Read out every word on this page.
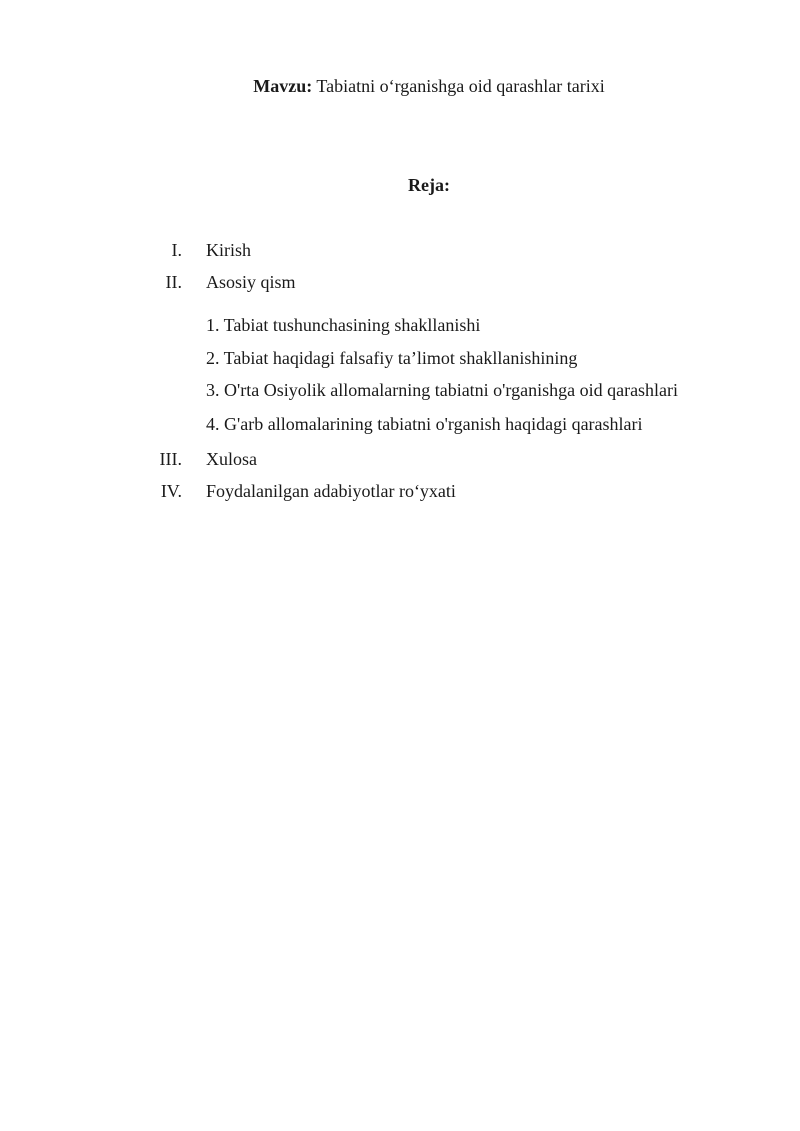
Mavzu: Tabiatni o‘rganishga oid qarashlar tarixi
Reja:
I. Kirish
II. Asosiy qism
1. Tabiat tushunchasining shakllanishi
2. Tabiat haqidagi falsafiy ta’limot shakllanishining
3. O'rta Osiyolik allomalarning tabiatni o'rganishga oid qarashlari
4. G'arb allomalarining tabiatni o'rganish haqidagi qarashlari
III. Xulosa
IV. Foydalanilgan adabiyotlar ro‘yxati
